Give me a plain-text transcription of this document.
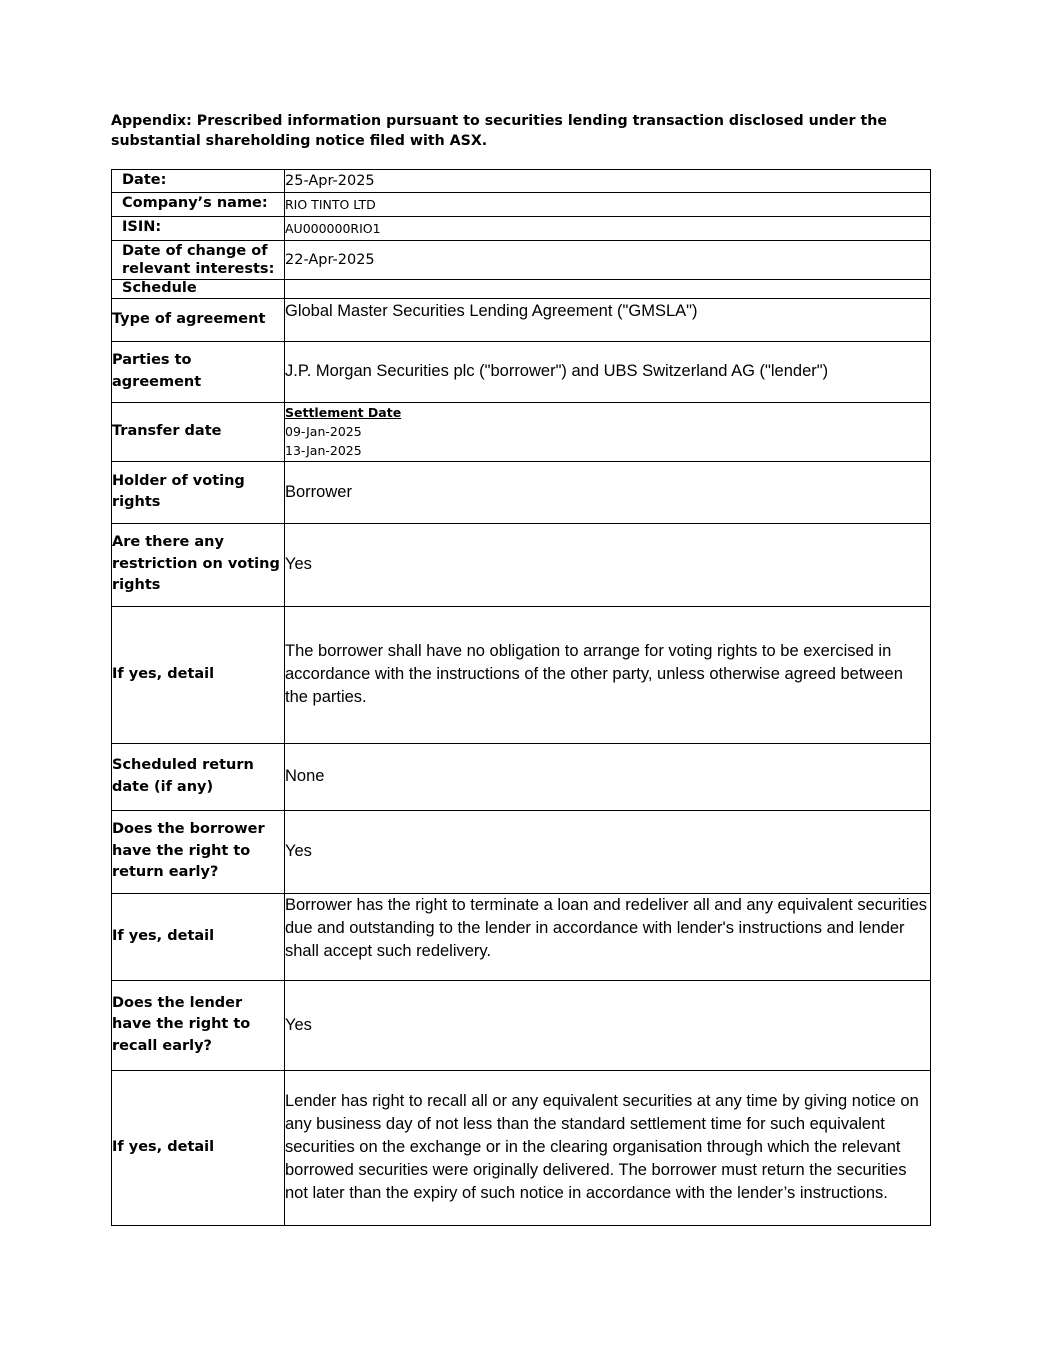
Appendix: Prescribed information pursuant to securities lending transaction disclosed under the substantial shareholding notice filed with ASX.
Date:	25-Apr-2025
Company’s name:	RIO TINTO LTD
ISIN:	AU000000RIO1
Date of change of relevant interests:	22-Apr-2025
Schedule	
Type of agreement	Global Master Securities Lending Agreement ("GMSLA")
Parties to agreement	J.P. Morgan Securities plc ("borrower") and UBS Switzerland AG ("lender")
Transfer date	Settlement Date
09-Jan-2025
13-Jan-2025

Holder of voting rights	Borrower
Are there any restriction on voting rights	Yes
If yes, detail	The borrower shall have no obligation to arrange for voting rights to be exercised in accordance with the instructions of the other party, unless otherwise agreed between the parties.
Scheduled return date (if any)	None
Does the borrower have the right to return early?	Yes
If yes, detail	Borrower has the right to terminate a loan and redeliver all and any equivalent securities due and outstanding to the lender in accordance with lender's instructions and lender shall accept such redelivery.
Does the lender have the right to recall early?	Yes
If yes, detail	Lender has right to recall all or any equivalent securities at any time by giving notice on any business day of not less than the standard settlement time for such equivalent securities on the exchange or in the clearing organisation through which the relevant borrowed securities were originally delivered. The borrower must return the securities not later than the expiry of such notice in accordance with the lender’s instructions.
